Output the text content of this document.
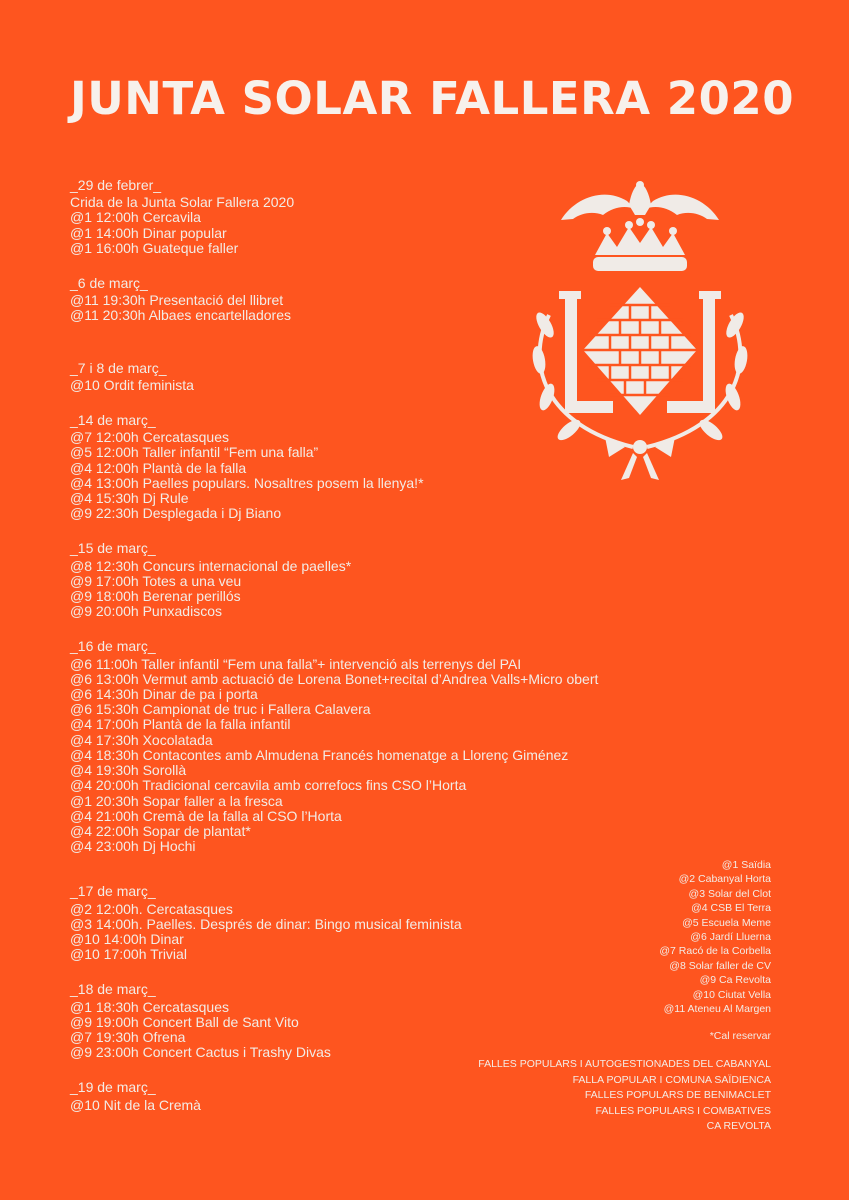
JUNTA SOLAR FALLERA 2020
_29 de febrer_
Crida de la Junta Solar Fallera 2020
@1 12:00h Cercavila
@1 14:00h Dinar popular
@1 16:00h Guateque faller
_6 de març_
@11 19:30h Presentació del llibret
@11 20:30h Albaes encartelladores
_7 i 8 de març_
@10 Ordit feminista
_14 de març_
@7 12:00h Cercatasques
@5 12:00h Taller infantil “Fem una falla”
@4 12:00h Plantà de la falla
@4 13:00h Paelles populars. Nosaltres posem la llenya!*
@4 15:30h Dj Rule
@9 22:30h Desplegada i Dj Biano
_15 de març_
@8 12:30h Concurs internacional de paelles*
@9 17:00h Totes a una veu
@9 18:00h Berenar perillós
@9 20:00h Punxadiscos
_16 de març_
@6 11:00h Taller infantil “Fem una falla”+ intervenció als terrenys del PAI
@6 13:00h Vermut amb actuació de Lorena Bonet+recital d’Andrea Valls+Micro obert
@6 14:30h Dinar de pa i porta
@6 15:30h Campionat de truc i Fallera Calavera
@4 17:00h Plantà de la falla infantil
@4 17:30h Xocolatada
@4 18:30h Contacontes amb Almudena Francés homenatge a Llorenç Giménez
@4 19:30h Sorollà
@4 20:00h Tradicional cercavila amb correfocs fins CSO l’Horta
@1 20:30h Sopar faller a la fresca
@4 21:00h Cremà de la falla al CSO l’Horta
@4 22:00h Sopar de plantat*
@4 23:00h Dj Hochi
_17 de març_
@2 12:00h. Cercatasques
@3 14:00h. Paelles. Després de dinar: Bingo musical feminista
@10 14:00h Dinar
@10 17:00h Trivial
_18 de març_
@1 18:30h Cercatasques
@9 19:00h Concert Ball de Sant Vito
@7 19:30h Ofrena
@9 23:00h Concert Cactus i Trashy Divas
_19 de març_
@10 Nit de la Cremà
@1 Saïdia
@2 Cabanyal Horta
@3 Solar del Clot
@4 CSB El Terra
@5 Escuela Meme
@6 Jardí Lluerna
@7 Racó de la Corbella
@8 Solar faller de CV
@9 Ca Revolta
@10 Ciutat Vella
@11 Ateneu Al Margen
*Cal reservar
FALLES POPULARS I AUTOGESTIONADES DEL CABANYAL
FALLA POPULAR I COMUNA SAÏDIENCA
FALLES POPULARS DE BENIMACLET
FALLES POPULARS I COMBATIVES
CA REVOLTA
